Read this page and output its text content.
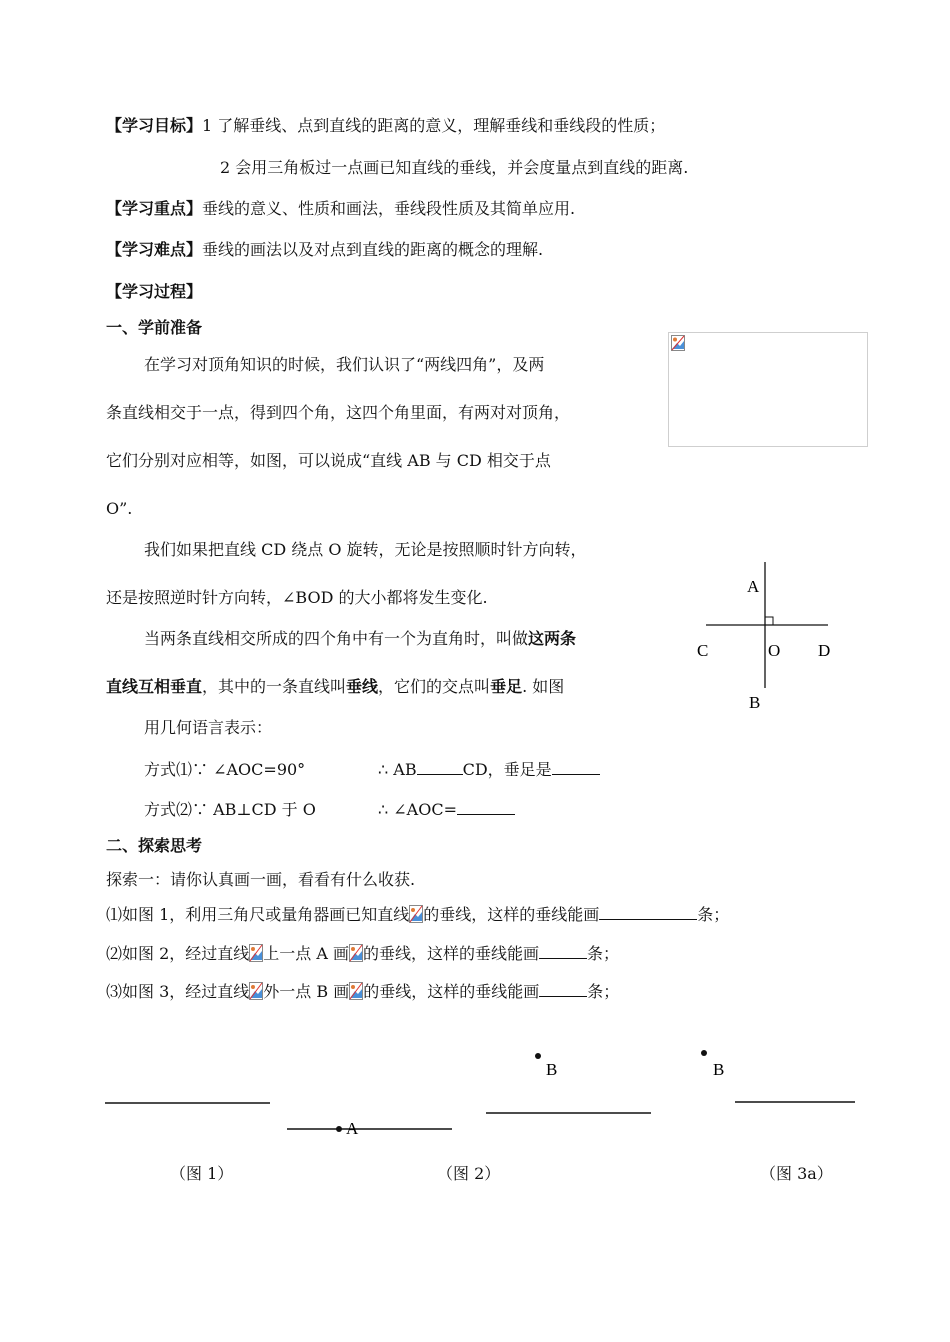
【学习目标】1 了解垂线、点到直线的距离的意义，理解垂线和垂线段的性质；
2 会用三角板过一点画已知直线的垂线，并会度量点到直线的距离.
【学习重点】垂线的意义、性质和画法，垂线段性质及其简单应用.
【学习难点】垂线的画法以及对点到直线的距离的概念的理解.
【学习过程】
一、学前准备
在学习对顶角知识的时候，我们认识了“两线四角”，及两
条直线相交于一点，得到四个角，这四个角里面，有两对对顶角，
它们分别对应相等，如图，可以说成“直线 AB 与 CD 相交于点
O”.
我们如果把直线 CD 绕点 O 旋转，无论是按照顺时针方向转，
还是按照逆时针方向转，∠BOD 的大小都将发生变化.
当两条直线相交所成的四个角中有一个为直角时，叫做这两条
直线互相垂直，其中的一条直线叫垂线，它们的交点叫垂足. 如图
用几何语言表示：
方式⑴∵ ∠AOC=90°	∴ AB	CD，垂足是
方式⑵∵ AB⊥CD 于 O	∴ ∠AOC=
A
B
C	D
O
二、探索思考
探索一：请你认真画一画，看看有什么收获.
⑴如图 1，利用三角尺或量角器画已知直线 的垂线，这样的垂线能画	条；
⑵如图 2，经过直线 上一点 A 画 的垂线，这样的垂线能画	条；
⑶如图 3，经过直线 外一点 B 画 的垂线，这样的垂线能画	条；
A
B	B
（图 1）	（图 2）	（图 3a）
